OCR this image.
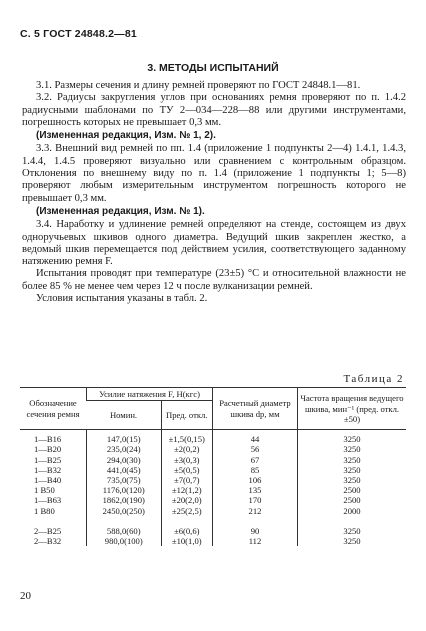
С. 5 ГОСТ 24848.2—81
3. МЕТОДЫ ИСПЫТАНИЙ

3.1. Размеры сечения и длину ремней проверяют по ГОСТ 24848.1—81.

3.2. Радиусы закругления углов при основаниях ремня проверяют по п. 1.4.2 радиусными шаблонами по ТУ 2—034—228—88 или другими инструментами, погрешность которых не превышает 0,3 мм.

(Измененная редакция, Изм. № 1, 2).

3.3. Внешний вид ремней по пп. 1.4 (приложение 1 подпункты 2—4) 1.4.1, 1.4.3, 1.4.4, 1.4.5 проверяют визуально или сравнением с контрольным образцом. Отклонения по внешнему виду по п. 1.4 (приложение 1 подпункты 1; 5—8) проверяют любым измерительным инструментом погрешность которого не превышает 0,3 мм.

(Измененная редакция, Изм. № 1).

3.4. Наработку и удлинение ремней определяют на стенде, состоящем из двух одноручьевых шкивов одного диаметра. Ведущий шкив закреплен жестко, а ведомый шкив перемещается под действием усилия, соответствующего заданному натяжению ремня F.

Испытания проводят при температуре (23±5) °С и относительной влажности не более 85 % не менее чем через 12 ч после вулканизации ремней.

Условия испытания указаны в табл. 2.

Таблица 2
Обозначение сечения ремня	Усилие натяжения F, Н(кгс)		Расчетный диаметр шкива dp, мм	Частота вращения ведущего шкива, мин⁻¹ (пред. откл. ±50)
	Номин.	Пред. откл.		
1—В16	147,0(15)	±1,5(0,15)	44	3250
1—В20	235,0(24)	±2(0,2)	56	3250
1—В25	294,0(30)	±3(0,3)	67	3250
1—В32	441,0(45)	±5(0,5)	85	3250
1—В40	735,0(75)	±7(0,7)	106	3250
1 В50	1176,0(120)	±12(1,2)	135	2500
1—В63	1862,0(190)	±20(2,0)	170	2500
1 В80	2450,0(250)	±25(2,5)	212	2000
2—В25	588,0(60)	±6(0,6)	90	3250
2—В32	980,0(100)	±10(1,0)	112	3250
20
